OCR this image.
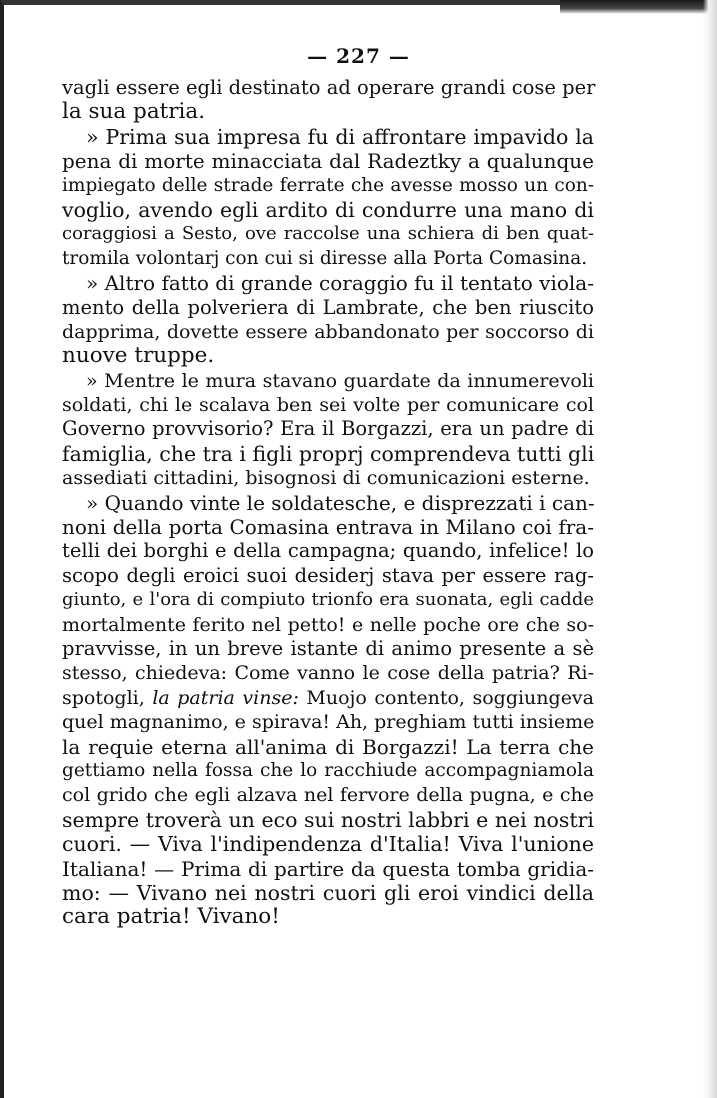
— 227 —
vagli essere egli destinato ad operare grandi cose per
la sua patria.
» Prima sua impresa fu di affrontare impavido la
pena di morte minacciata dal Radeztky a qualunque
impiegato delle strade ferrate che avesse mosso un con-
voglio, avendo egli ardito di condurre una mano di
coraggiosi a Sesto, ove raccolse una schiera di ben quat-
tromila volontarj con cui si diresse alla Porta Comasina.
» Altro fatto di grande coraggio fu il tentato viola-
mento della polveriera di Lambrate, che ben riuscito
dapprima, dovette essere abbandonato per soccorso di
nuove truppe.
» Mentre le mura stavano guardate da innumerevoli
soldati, chi le scalava ben sei volte per comunicare col
Governo provvisorio? Era il Borgazzi, era un padre di
famiglia, che tra i figli proprj comprendeva tutti gli
assediati cittadini, bisognosi di comunicazioni esterne.
» Quando vinte le soldatesche, e disprezzati i can-
noni della porta Comasina entrava in Milano coi fra-
telli dei borghi e della campagna; quando, infelice! lo
scopo degli eroici suoi desiderj stava per essere rag-
giunto, e l'ora di compiuto trionfo era suonata, egli cadde
mortalmente ferito nel petto! e nelle poche ore che so-
pravvisse, in un breve istante di animo presente a sè
stesso, chiedeva: Come vanno le cose della patria? Ri-
spotogli, la patria vinse: Muojo contento, soggiungeva
quel magnanimo, e spirava! Ah, preghiam tutti insieme
la requie eterna all'anima di Borgazzi! La terra che
gettiamo nella fossa che lo racchiude accompagniamola
col grido che egli alzava nel fervore della pugna, e che
sempre troverà un eco sui nostri labbri e nei nostri
cuori. — Viva l'indipendenza d'Italia! Viva l'unione
Italiana! — Prima di partire da questa tomba gridia-
mo: — Vivano nei nostri cuori gli eroi vindici della
cara patria! Vivano!
